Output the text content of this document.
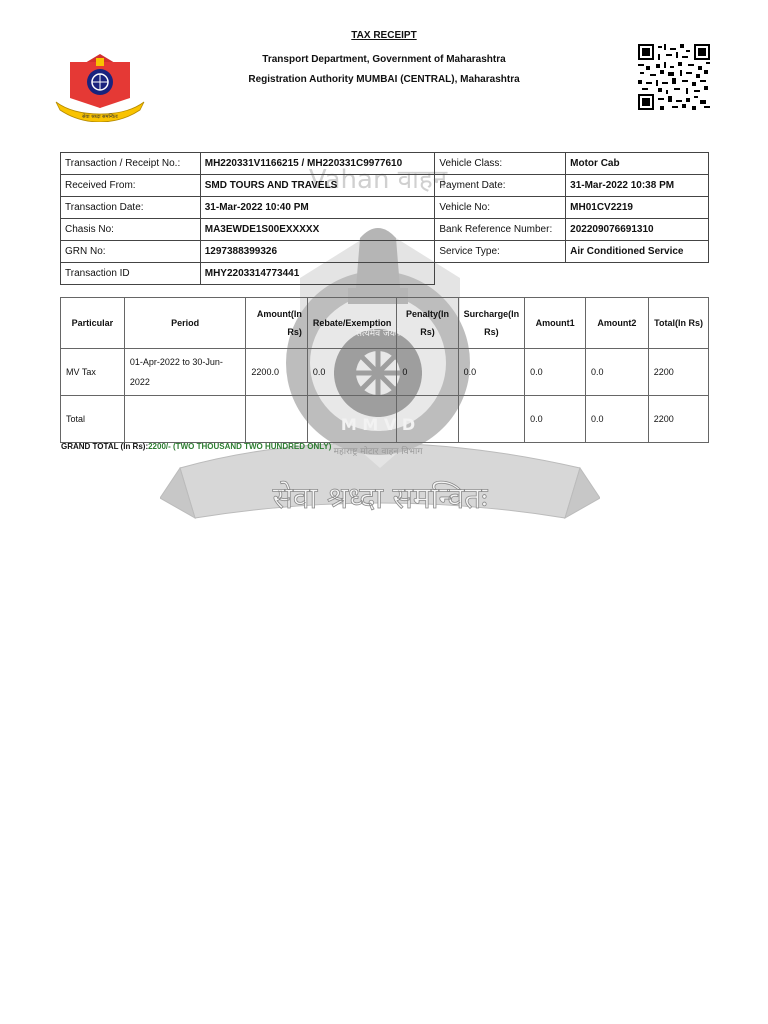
सेवा श्रध्दा समन्वितः
TAX RECEIPT
Transport Department, Government of Maharashtra
Registration Authority MUMBAI (CENTRAL), Maharashtra
Vahan वाहन
सत्यमेव जयते
M M V D
महाराष्ट्र मोटार वाहन विभाग
सेवा श्रध्दा समन्वितः
Transaction / Receipt No.:	MH220331V1166215 / MH220331C9977610	Vehicle Class:	Motor Cab
Received From:	SMD TOURS AND TRAVELS	Payment Date:	31-Mar-2022 10:38 PM
Transaction Date:	31-Mar-2022 10:40 PM	Vehicle No:	MH01CV2219
Chasis No:	MA3EWDE1S00EXXXXX	Bank Reference Number:	202209076691310
GRN No:	1297388399326	Service Type:	Air Conditioned Service
Transaction ID	MHY2203314773441		
Particular	Period	Amount(In Rs)	Rebate/Exemption	Penalty(In Rs)	Surcharge(In Rs)	Amount1	Amount2	Total(In Rs)
MV Tax	01-Apr-2022 to 30-Jun-2022	2200.0	0.0	0	0.0	0.0	0.0	2200
Total						0.0	0.0	2200
GRAND TOTAL (In Rs):2200/- (TWO THOUSAND TWO HUNDRED ONLY)
